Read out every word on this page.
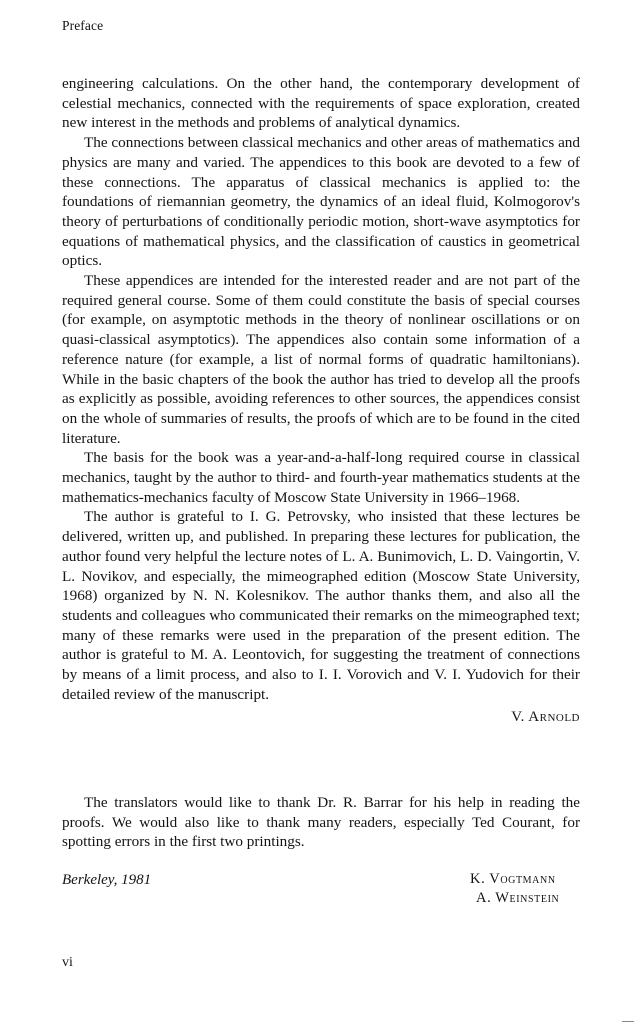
Preface

engineering calculations. On the other hand, the contemporary development of celestial mechanics, connected with the requirements of space exploration, created new interest in the methods and problems of analytical dynamics.

The connections between classical mechanics and other areas of mathematics and physics are many and varied. The appendices to this book are devoted to a few of these connections. The apparatus of classical mechanics is applied to: the foundations of riemannian geometry, the dynamics of an ideal fluid, Kolmogorov's theory of perturbations of conditionally periodic motion, short-wave asymptotics for equations of mathematical physics, and the classification of caustics in geometrical optics.

These appendices are intended for the interested reader and are not part of the required general course. Some of them could constitute the basis of special courses (for example, on asymptotic methods in the theory of nonlinear oscillations or on quasi-classical asymptotics). The appendices also contain some information of a reference nature (for example, a list of normal forms of quadratic hamiltonians). While in the basic chapters of the book the author has tried to develop all the proofs as explicitly as possible, avoiding references to other sources, the appendices consist on the whole of summaries of results, the proofs of which are to be found in the cited literature.

The basis for the book was a year-and-a-half-long required course in classical mechanics, taught by the author to third- and fourth-year mathematics students at the mathematics-mechanics faculty of Moscow State University in 1966–1968.

The author is grateful to I. G. Petrovsky, who insisted that these lectures be delivered, written up, and published. In preparing these lectures for publication, the author found very helpful the lecture notes of L. A. Bunimovich, L. D. Vaingortin, V. L. Novikov, and especially, the mimeographed edition (Moscow State University, 1968) organized by N. N. Kolesnikov. The author thanks them, and also all the students and colleagues who communicated their remarks on the mimeographed text; many of these remarks were used in the preparation of the present edition. The author is grateful to M. A. Leontovich, for suggesting the treatment of connections by means of a limit process, and also to I. I. Vorovich and V. I. Yudovich for their detailed review of the manuscript.

V. Arnold

The translators would like to thank Dr. R. Barrar for his help in reading the proofs. We would also like to thank many readers, especially Ted Courant, for spotting errors in the first two printings.

Berkeley, 1981	K. Vogtmann
A. Weinstein
vi
